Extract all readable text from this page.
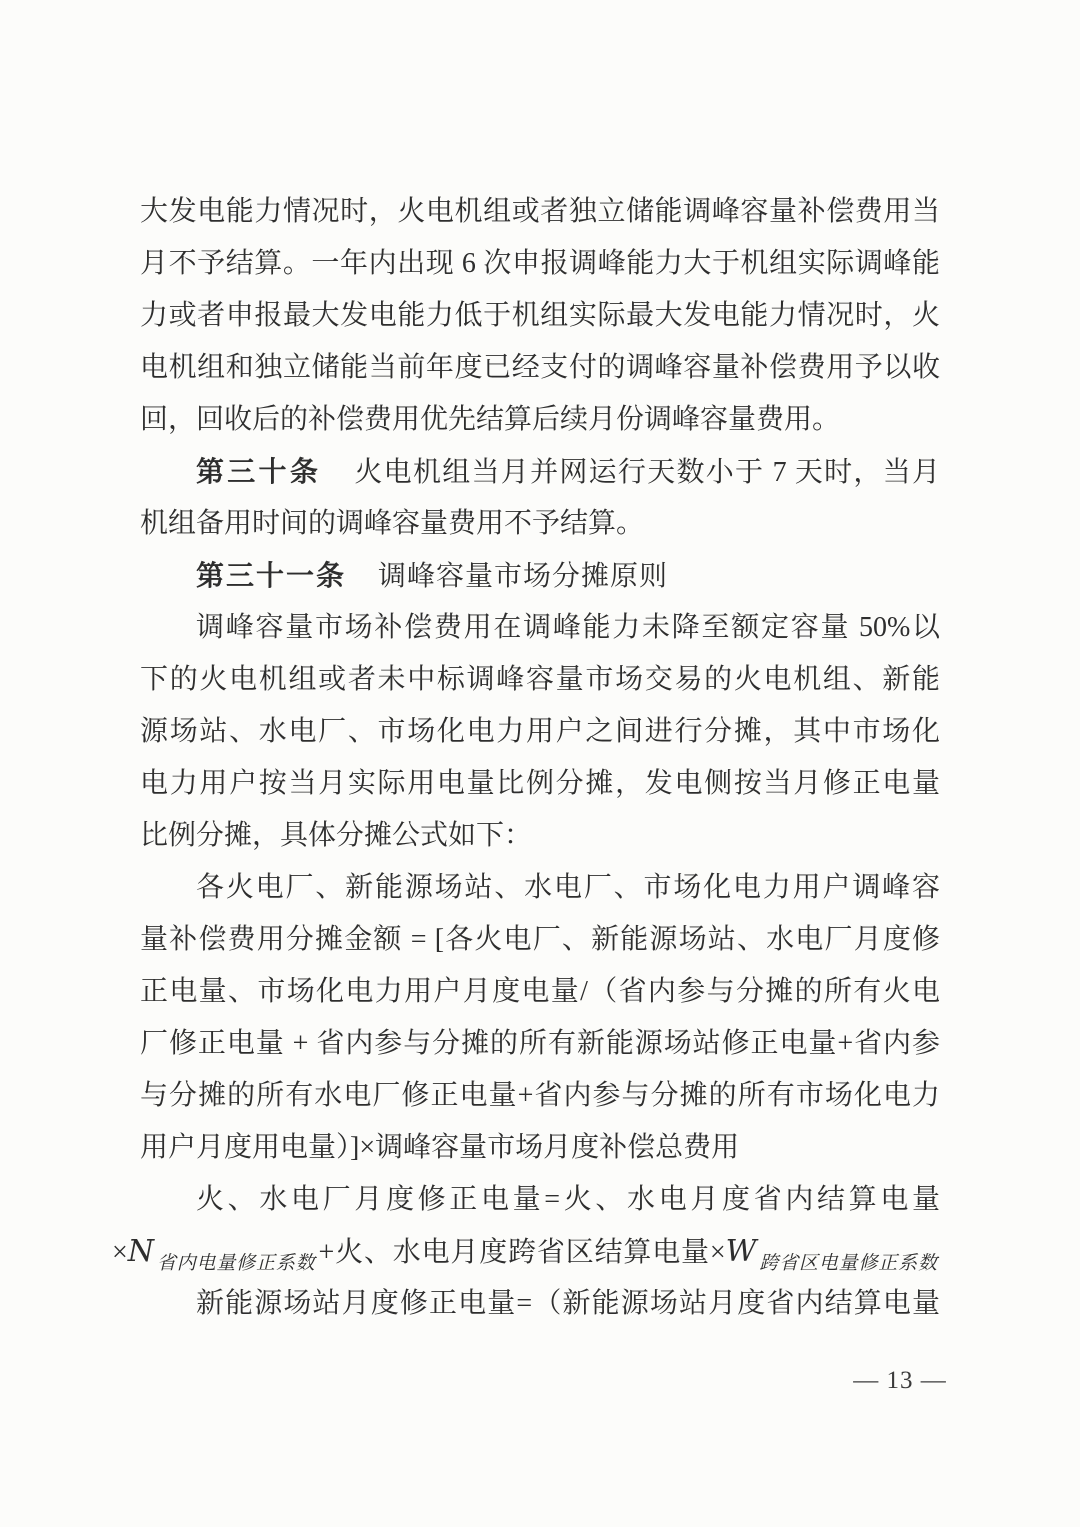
大发电能力情况时，火电机组或者独立储能调峰容量补偿费用当
月不予结算。一年内出现 6 次申报调峰能力大于机组实际调峰能
力或者申报最大发电能力低于机组实际最大发电能力情况时，火
电机组和独立储能当前年度已经支付的调峰容量补偿费用予以收
回，回收后的补偿费用优先结算后续月份调峰容量费用。
第三十条 火电机组当月并网运行天数小于 7 天时，当月
机组备用时间的调峰容量费用不予结算。
第三十一条 调峰容量市场分摊原则
调峰容量市场补偿费用在调峰能力未降至额定容量 50%以
下的火电机组或者未中标调峰容量市场交易的火电机组、新能
源场站、水电厂、市场化电力用户之间进行分摊，其中市场化
电力用户按当月实际用电量比例分摊，发电侧按当月修正电量
比例分摊，具体分摊公式如下：
各火电厂、新能源场站、水电厂、市场化电力用户调峰容
量补偿费用分摊金额 = [各火电厂、新能源场站、水电厂月度修
正电量、市场化电力用户月度电量/（省内参与分摊的所有火电
厂修正电量 + 省内参与分摊的所有新能源场站修正电量+省内参
与分摊的所有水电厂修正电量+省内参与分摊的所有市场化电力
用户月度用电量）]×调峰容量市场月度补偿总费用
火、水电厂月度修正电量=火、水电月度省内结算电量
×N $_{省内电量修正系数}$ +火、水电月度跨省区结算电量×W $_{跨省区电量修正系数}$
新能源场站月度修正电量=（新能源场站月度省内结算电量
— 13 —
